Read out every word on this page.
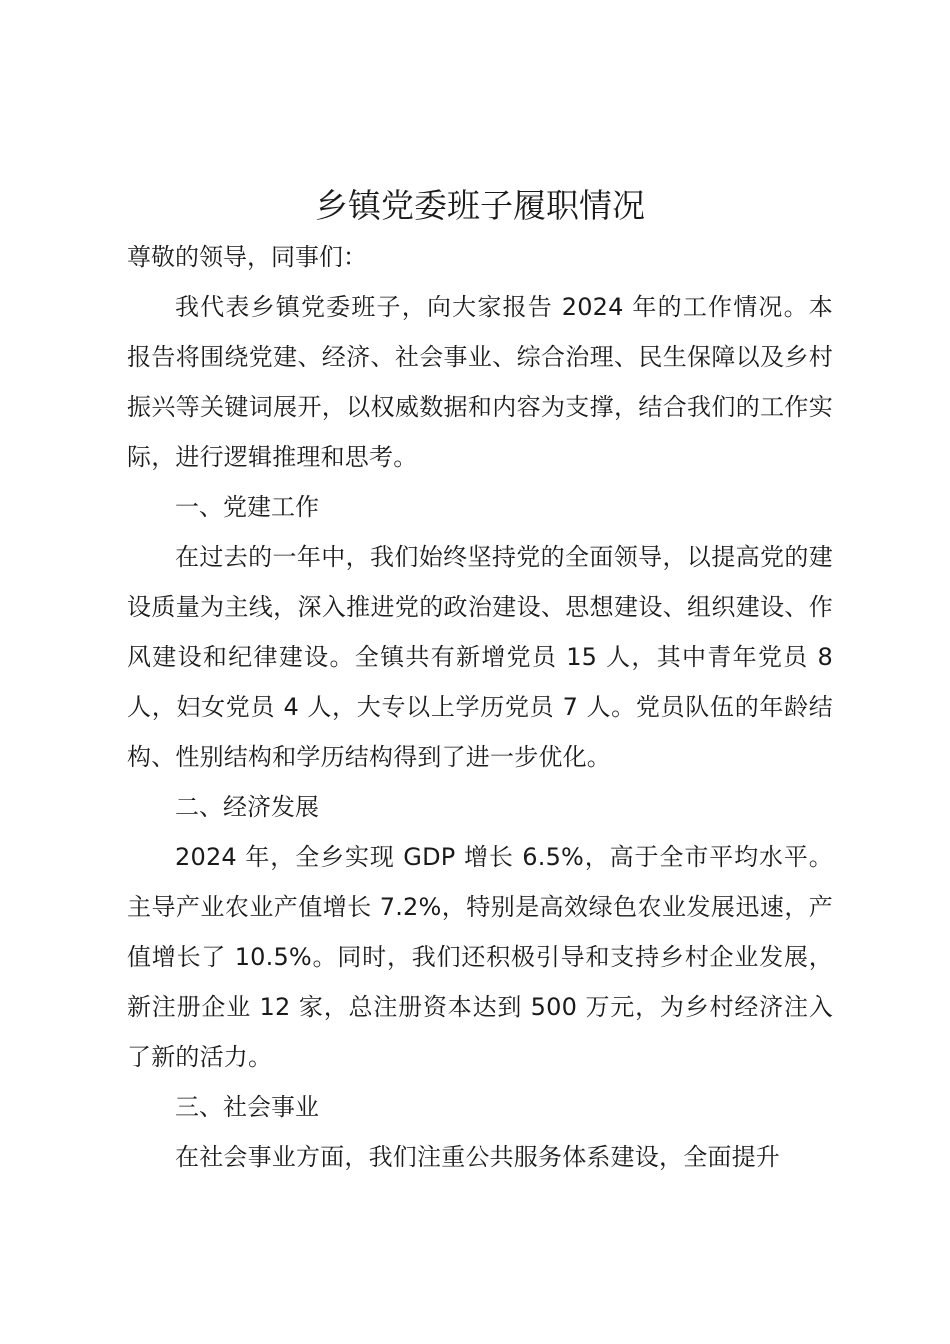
乡镇党委班子履职情况

尊敬的领导，同事们：

我代表乡镇党委班子，向大家报告 2024 年的工作情况。本报告将围绕党建、经济、社会事业、综合治理、民生保障以及乡村振兴等关键词展开，以权威数据和内容为支撑，结合我们的工作实际，进行逻辑推理和思考。

一、党建工作

在过去的一年中，我们始终坚持党的全面领导，以提高党的建设质量为主线，深入推进党的政治建设、思想建设、组织建设、作风建设和纪律建设。全镇共有新增党员 15 人，其中青年党员 8 人，妇女党员 4 人，大专以上学历党员 7 人。党员队伍的年龄结构、性别结构和学历结构得到了进一步优化。

二、经济发展

2024 年，全乡实现 GDP 增长 6.5%，高于全市平均水平。主导产业农业产值增长 7.2%，特别是高效绿色农业发展迅速，产值增长了 10.5%。同时，我们还积极引导和支持乡村企业发展，新注册企业 12 家，总注册资本达到 500 万元，为乡村经济注入了新的活力。

三、社会事业

在社会事业方面，我们注重公共服务体系建设，全面提升
